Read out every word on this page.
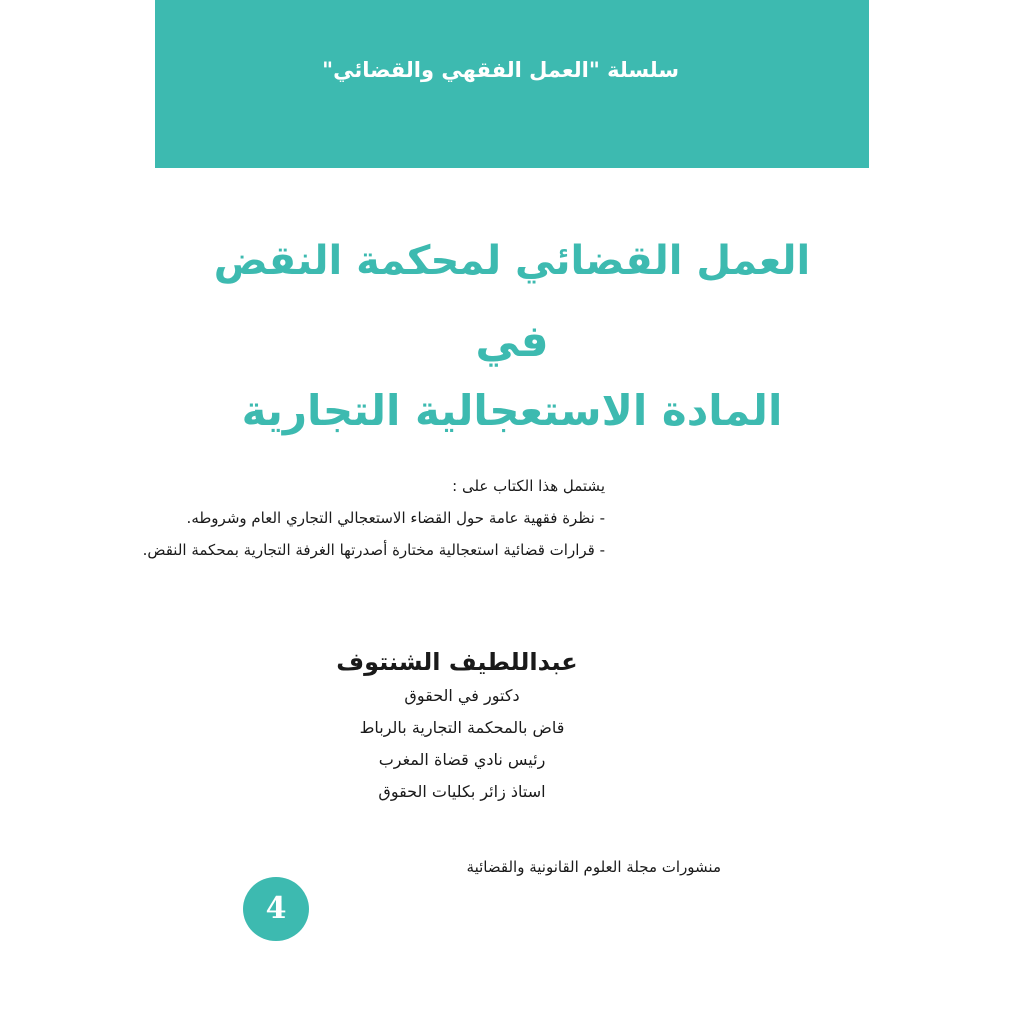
سلسلة "العمل الفقهي والقضائي"
العمل القضائي لمحكمة النقض
في
المادة الاستعجالية التجارية
يشتمل هذا الكتاب على :
- نظرة فقهية عامة حول القضاء الاستعجالي التجاري العام وشروطه.
- قرارات قضائية استعجالية مختارة أصدرتها الغرفة التجارية بمحكمة النقض.
عبداللطيف الشنتوف
دكتور في الحقوق
قاض بالمحكمة التجارية بالرباط
رئيس نادي قضاة المغرب
استاذ زائر بكليات الحقوق
منشورات مجلة العلوم القانونية والقضائية
4
